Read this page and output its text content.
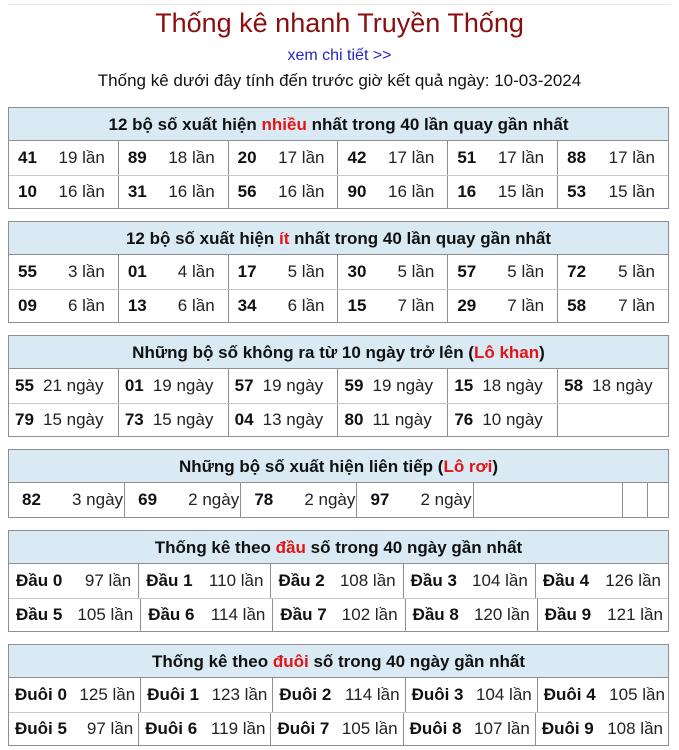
Thống kê nhanh Truyền Thống
xem chi tiết >>
Thống kê dưới đây tính đến trước giờ kết quả ngày: 10-03-2024
12 bộ số xuất hiện nhiều nhất trong 40 lần quay gần nhất
41	19 lần	89	18 lần	20	17 lần	42	17 lần	51	17 lần	88	17 lần
10	16 lần	31	16 lần	56	16 lần	90	16 lần	16	15 lần	53	15 lần
12 bộ số xuất hiện ít nhất trong 40 lần quay gần nhất
55	3 lần	01	4 lần	17	5 lần	30	5 lần	57	5 lần	72	5 lần
09	6 lần	13	6 lần	34	6 lần	15	7 lần	29	7 lần	58	7 lần
Những bộ số không ra từ 10 ngày trở lên (Lô khan)
55 21 ngày	01 19 ngày	57 19 ngày	59 19 ngày	15 18 ngày	58 18 ngày
79 15 ngày	73 15 ngày	04 13 ngày	80 11 ngày	76 10 ngày
Những bộ số xuất hiện liên tiếp (Lô rơi)
82	3 ngày 69	2 ngày 78	2 ngày 97	2 ngày
Thống kê theo đầu số trong 40 ngày gần nhất
Đầu 0	97 lần Đầu 1 110 lần Đầu 2 108 lần Đầu 3 104 lần Đầu 4 126 lần
Đầu 5 105 lần Đầu 6 114 lần Đầu 7 102 lần Đầu 8 120 lần Đầu 9 121 lần
Thống kê theo đuôi số trong 40 ngày gần nhất
Đuôi 0 125 lần Đuôi 1 123 lần Đuôi 2 114 lần Đuôi 3 104 lần Đuôi 4 105 lần
Đuôi 5	97 lần Đuôi 6 119 lần Đuôi 7 105 lần Đuôi 8 107 lần Đuôi 9 108 lần
